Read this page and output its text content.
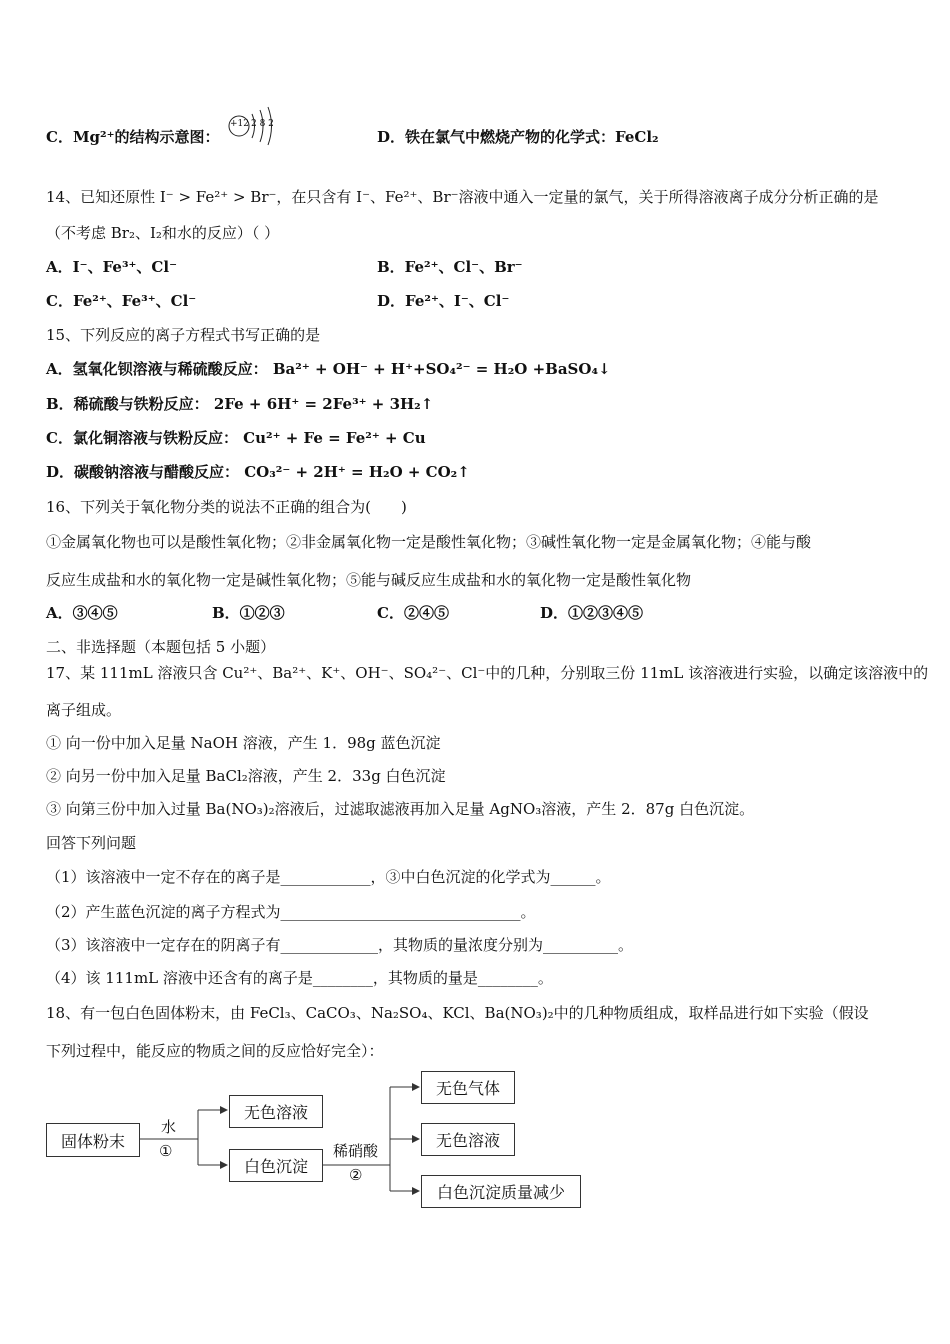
C．Mg²⁺的结构示意图：
+12 2 8 2
D．铁在氯气中燃烧产物的化学式：FeCl₂
14、已知还原性 I⁻ > Fe²⁺ > Br⁻，在只含有 I⁻、Fe²⁺、Br⁻溶液中通入一定量的氯气，关于所得溶液离子成分分析正确的是
（不考虑 Br₂、I₂和水的反应）（ ）
A．I⁻、Fe³⁺、Cl⁻	B．Fe²⁺、Cl⁻、Br⁻
C．Fe²⁺、Fe³⁺、Cl⁻	D．Fe²⁺、I⁻、Cl⁻
15、下列反应的离子方程式书写正确的是
A．氢氧化钡溶液与稀硫酸反应： Ba²⁺ + OH⁻ + H⁺+SO₄²⁻ = H₂O +BaSO₄↓
B．稀硫酸与铁粉反应： 2Fe + 6H⁺ = 2Fe³⁺ + 3H₂↑
C．氯化铜溶液与铁粉反应： Cu²⁺ + Fe = Fe²⁺ + Cu
D．碳酸钠溶液与醋酸反应： CO₃²⁻ + 2H⁺ = H₂O + CO₂↑
16、下列关于氧化物分类的说法不正确的组合为(　　)
①金属氧化物也可以是酸性氧化物；②非金属氧化物一定是酸性氧化物；③碱性氧化物一定是金属氧化物；④能与酸
反应生成盐和水的氧化物一定是碱性氧化物；⑤能与碱反应生成盐和水的氧化物一定是酸性氧化物
A．③④⑤	B．①②③	C．②④⑤	D．①②③④⑤
二、非选择题（本题包括 5 小题）
17、某 111mL 溶液只含 Cu²⁺、Ba²⁺、K⁺、OH⁻、SO₄²⁻、Cl⁻中的几种，分别取三份 11mL 该溶液进行实验，以确定该溶液中的
离子组成。
① 向一份中加入足量 NaOH 溶液，产生 1．98g 蓝色沉淀
② 向另一份中加入足量 BaCl₂溶液，产生 2．33g 白色沉淀
③ 向第三份中加入过量 Ba(NO₃)₂溶液后，过滤取滤液再加入足量 AgNO₃溶液，产生 2．87g 白色沉淀。
回答下列问题
（1）该溶液中一定不存在的离子是____________，③中白色沉淀的化学式为______。
（2）产生蓝色沉淀的离子方程式为________________________________。
（3）该溶液中一定存在的阴离子有_____________，其物质的量浓度分别为__________。
（4）该 111mL 溶液中还含有的离子是________，其物质的量是________。
18、有一包白色固体粉末，由 FeCl₃、CaCO₃、Na₂SO₄、KCl、Ba(NO₃)₂中的几种物质组成，取样品进行如下实验（假设
下列过程中，能反应的物质之间的反应恰好完全）：
固体粉末
水
①
无色溶液
白色沉淀
稀硝酸
②
无色气体
无色溶液
白色沉淀质量减少
